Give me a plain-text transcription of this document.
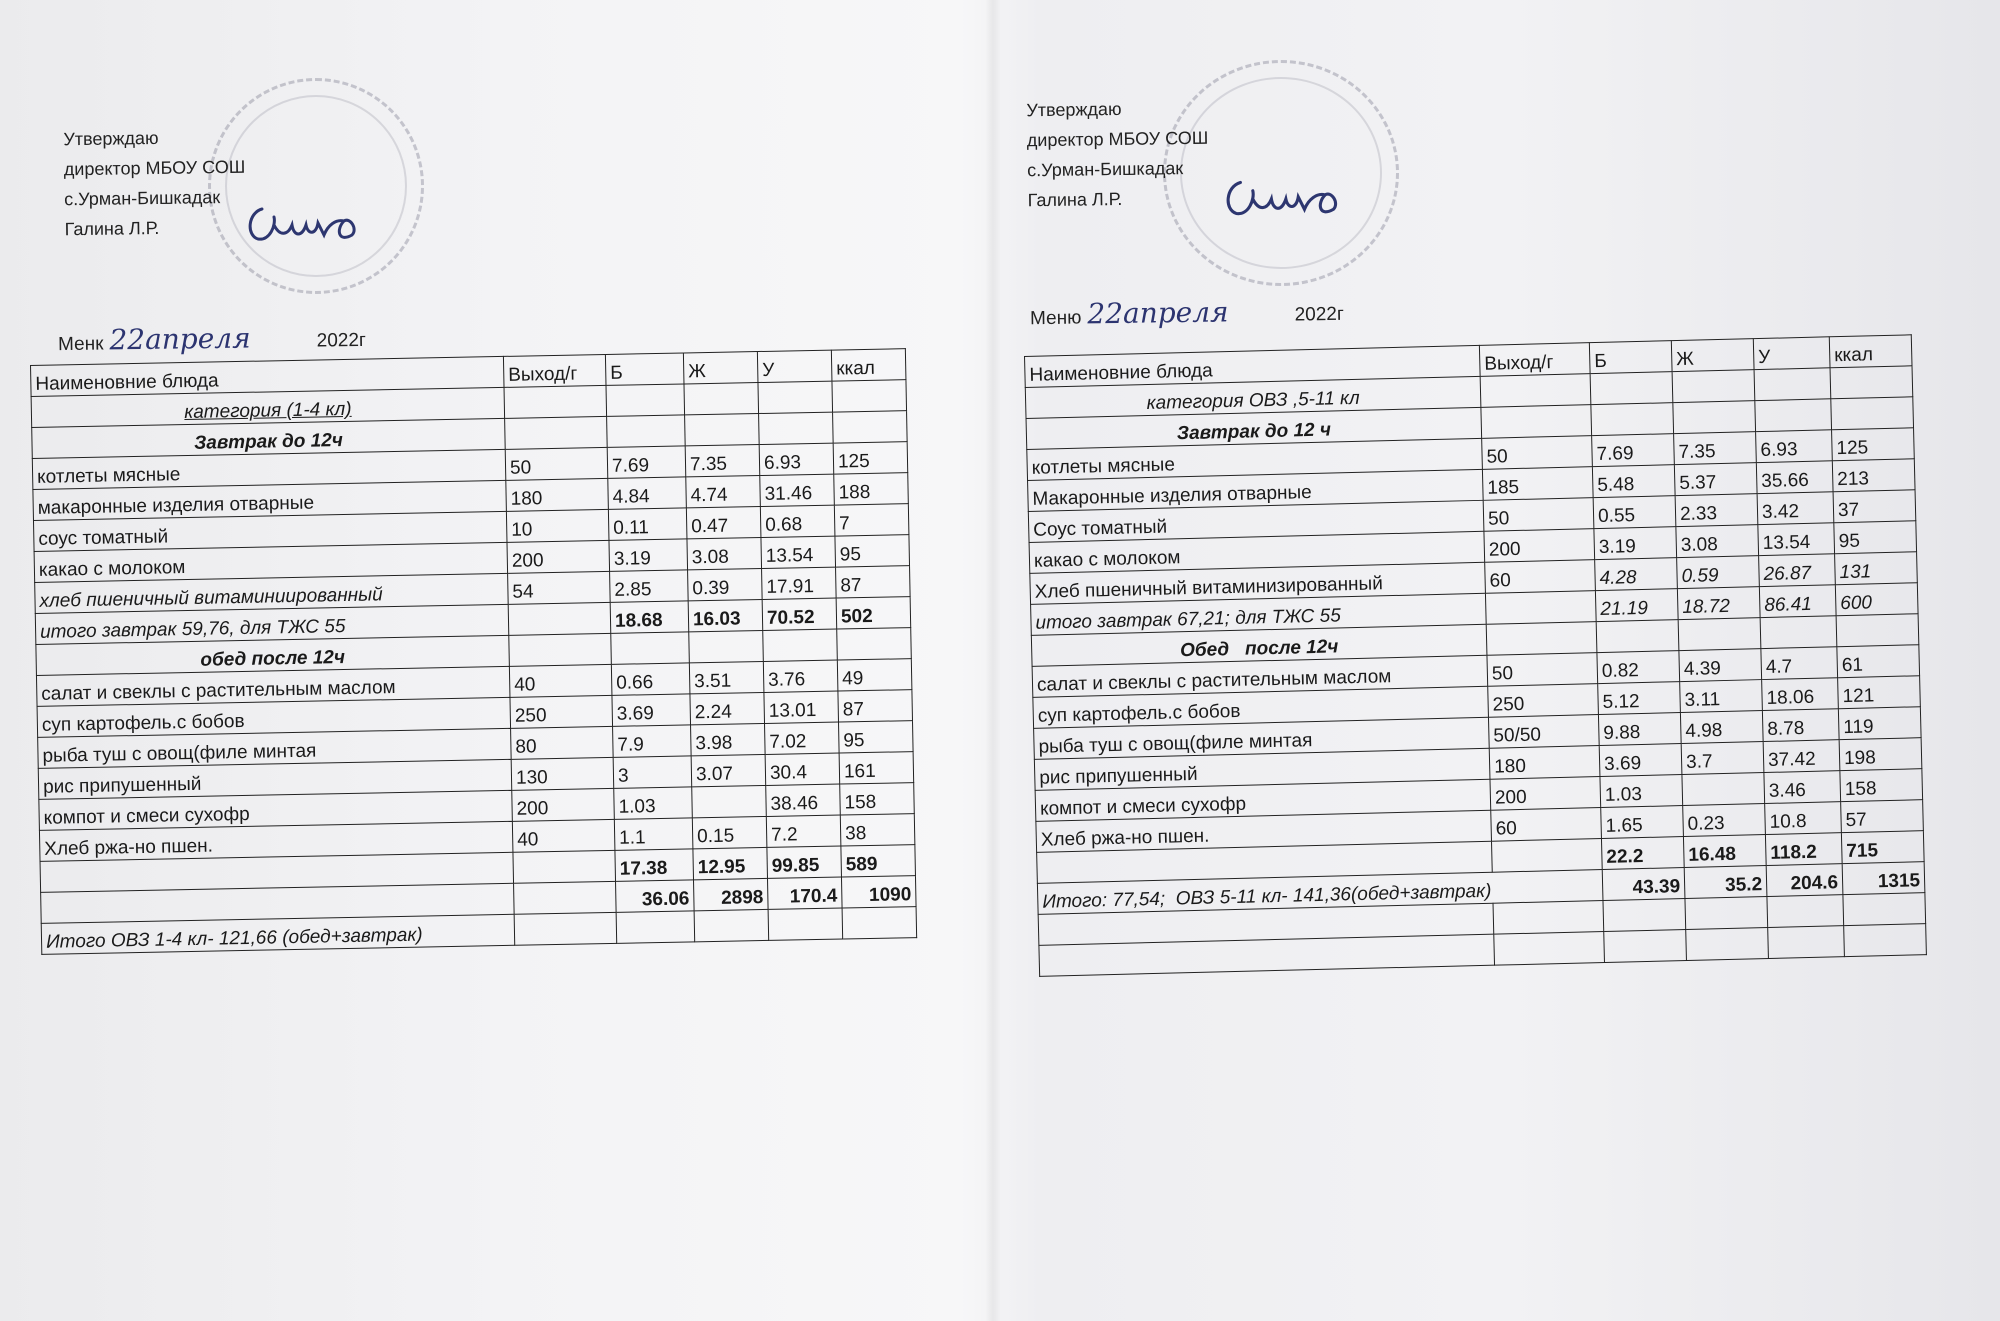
Утверждаю
директор МБОУ СОШ
с.Урман-Бишкадак
Галина Л.Р.
Менк 22апреля	2022г
Наименовние блюда	Выход/г	Б	Ж	У	ккал
категория (1-4 кл)					
Завтрак до 12ч					
котлеты мясные	50	7.69	7.35	6.93	125
макаронные изделия отварные	180	4.84	4.74	31.46	188
соус томатный	10	0.11	0.47	0.68	7
какао с молоком	200	3.19	3.08	13.54	95
хлеб пшеничный витаминиированный	54	2.85	0.39	17.91	87
итого завтрак 59,76, для ТЖС 55		18.68	16.03	70.52	502
обед после 12ч					
салат и свеклы с растительным маслом	40	0.66	3.51	3.76	49
суп картофель.с бобов	250	3.69	2.24	13.01	87
рыба туш с овощ(филе минтая	80	7.9	3.98	7.02	95
рис припушенный	130	3	3.07	30.4	161
компот и смеси сухофр	200	1.03		38.46	158
Хлеб ржа-но пшен.	40	1.1	0.15	7.2	38
		17.38	12.95	99.85	589
		36.06	2898	170.4	1090
Итого ОВЗ 1-4 кл- 121,66 (обед+завтрак)					
Утверждаю
директор МБОУ СОШ
с.Урман-Бишкадак
Галина Л.Р.
Меню 22апреля	2022г
Наименовние блюда	Выход/г	Б	Ж	У	ккал
категория ОВЗ ,5-11 кл					
Завтрак до 12 ч					
котлеты мясные	50	7.69	7.35	6.93	125
Макаронные изделия отварные	185	5.48	5.37	35.66	213
Соус томатный	50	0.55	2.33	3.42	37
какао с молоком	200	3.19	3.08	13.54	95
Хлеб пшеничный витаминизированный	60	4.28	0.59	26.87	131
итого завтрак 67,21; для ТЖС 55		21.19	18.72	86.41	600
Обед   после 12ч					
салат и свеклы с растительным маслом	50	0.82	4.39	4.7	61
суп картофель.с бобов	250	5.12	3.11	18.06	121
рыба туш с овощ(филе минтая	50/50	9.88	4.98	8.78	119
рис припушенный	180	3.69	3.7	37.42	198
компот и смеси сухофр	200	1.03		3.46	158
Хлеб ржа-но пшен.	60	1.65	0.23	10.8	57
		22.2	16.48	118.2	715
Итого: 77,54;  ОВЗ 5-11 кл- 141,36(обед+завтрак)		43.39	35.2	204.6	1315
